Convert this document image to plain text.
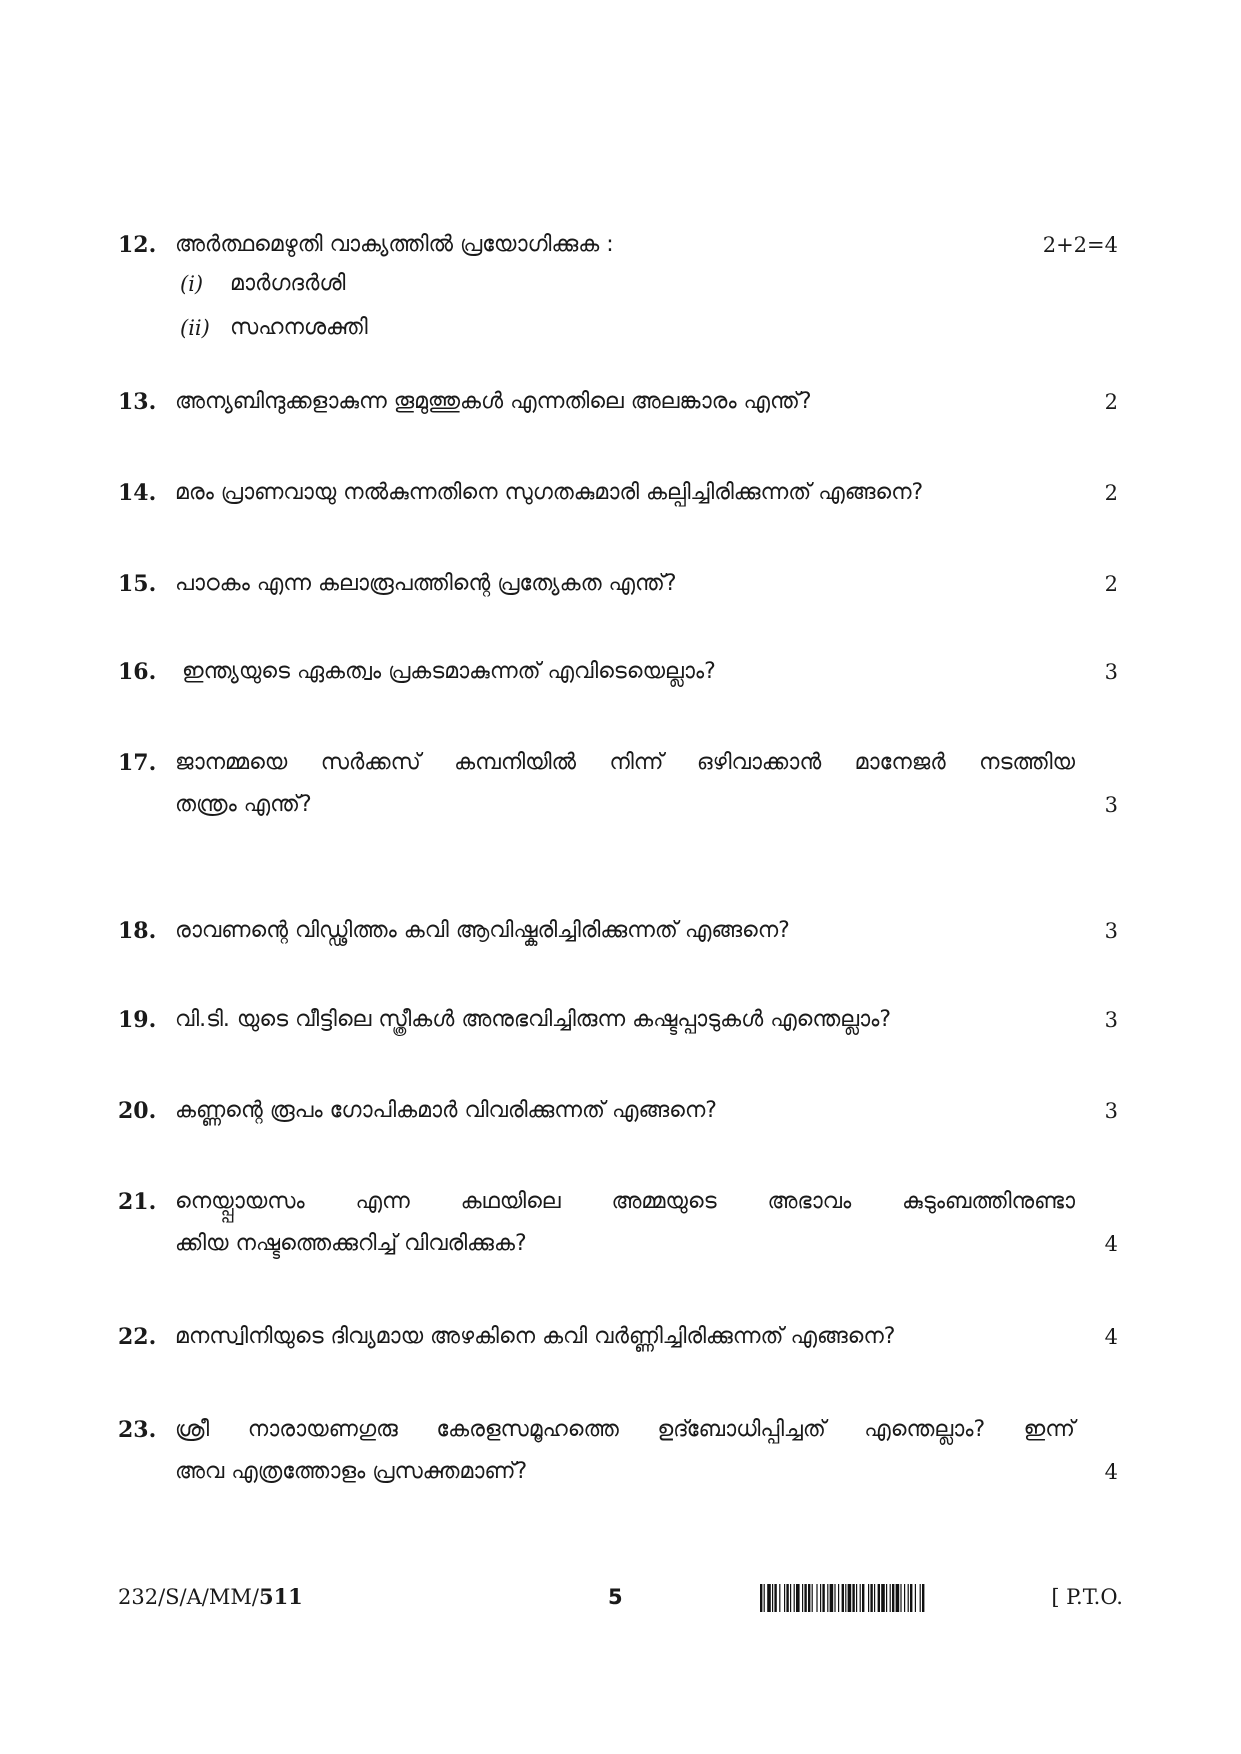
12. അർത്ഥമെഴുതി വാക്യത്തിൽ പ്രയോഗിക്കുക :	2+2=4
(i) മാർഗദർശി
(ii) സഹനശക്തി
13. അന്യബിന്ദുക്കളാകുന്ന തൂമുത്തുകൾ എന്നതിലെ അലങ്കാരം എന്ത്?	2
14. മരം പ്രാണവായു നൽകുന്നതിനെ സുഗതകുമാരി കല്പിച്ചിരിക്കുന്നത് എങ്ങനെ?	2
15. പാഠകം എന്ന കലാരൂപത്തിന്റെ പ്രത്യേകത എന്ത്?	2
16. ഇന്ത്യയുടെ ഏകത്വം പ്രകടമാകുന്നത് എവിടെയെല്ലാം?	3
17. ജാനമ്മയെ സർക്കസ് കമ്പനിയിൽ നിന്ന് ഒഴിവാക്കാൻ മാനേജർ നടത്തിയ
തന്ത്രം എന്ത്?	3
18. രാവണന്റെ വിഡ്ഢിത്തം കവി ആവിഷ്കരിച്ചിരിക്കുന്നത് എങ്ങനെ?	3
19. വി.ടി. യുടെ വീട്ടിലെ സ്ത്രീകൾ അനുഭവിച്ചിരുന്ന കഷ്ടപ്പാടുകൾ എന്തെല്ലാം?	3
20. കണ്ണന്റെ രൂപം ഗോപികമാർ വിവരിക്കുന്നത് എങ്ങനെ?	3
21. നെയ്പ്പായസം എന്ന കഥയിലെ അമ്മയുടെ അഭാവം കുടുംബത്തിനുണ്ടാ
ക്കിയ നഷ്ടത്തെക്കുറിച്ച് വിവരിക്കുക?	4
22. മനസ്വിനിയുടെ ദിവ്യമായ അഴകിനെ കവി വർണ്ണിച്ചിരിക്കുന്നത് എങ്ങനെ?	4
23. ശ്രീ നാരായണഗുരു കേരളസമൂഹത്തെ ഉദ്ബോധിപ്പിച്ചത് എന്തെല്ലാം? ഇന്ന്
അവ എത്രത്തോളം പ്രസക്തമാണ്?	4
232/S/A/MM/511	5	[ P.T.O.
